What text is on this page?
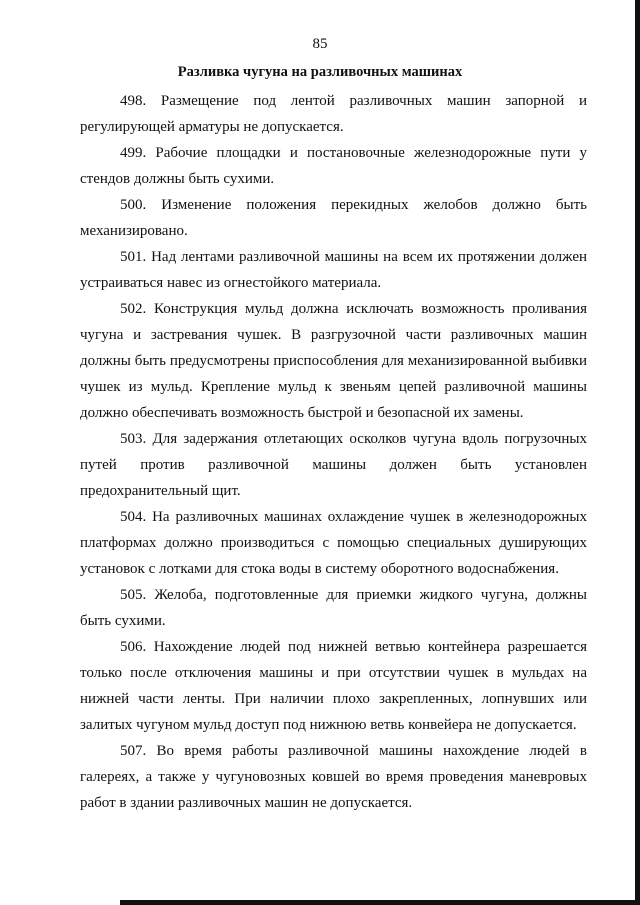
85
Разливка чугуна на разливочных машинах

498. Размещение под лентой разливочных машин запорной и регулирующей арматуры не допускается.

499. Рабочие площадки и постановочные железнодорожные пути у стендов должны быть сухими.

500. Изменение положения перекидных желобов должно быть механизировано.

501. Над лентами разливочной машины на всем их протяжении должен устраиваться навес из огнестойкого материала.

502. Конструкция мульд должна исключать возможность проливания чугуна и застревания чушек. В разгрузочной части разливочных машин должны быть предусмотрены приспособления для механизированной выбивки чушек из мульд. Крепление мульд к звеньям цепей разливочной машины должно обеспечивать возможность быстрой и безопасной их замены.

503. Для задержания отлетающих осколков чугуна вдоль погрузочных путей против разливочной машины должен быть установлен предохранительный щит.

504. На разливочных машинах охлаждение чушек в железнодорожных платформах должно производиться с помощью специальных душирующих установок с лотками для стока воды в систему оборотного водоснабжения.

505. Желоба, подготовленные для приемки жидкого чугуна, должны быть сухими.

506. Нахождение людей под нижней ветвью контейнера разрешается только после отключения машины и при отсутствии чушек в мульдах на нижней части ленты. При наличии плохо закрепленных, лопнувших или залитых чугуном мульд доступ под нижнюю ветвь конвейера не допускается.

507. Во время работы разливочной машины нахождение людей в галереях, а также у чугуновозных ковшей во время проведения маневровых работ в здании разливочных машин не допускается.
